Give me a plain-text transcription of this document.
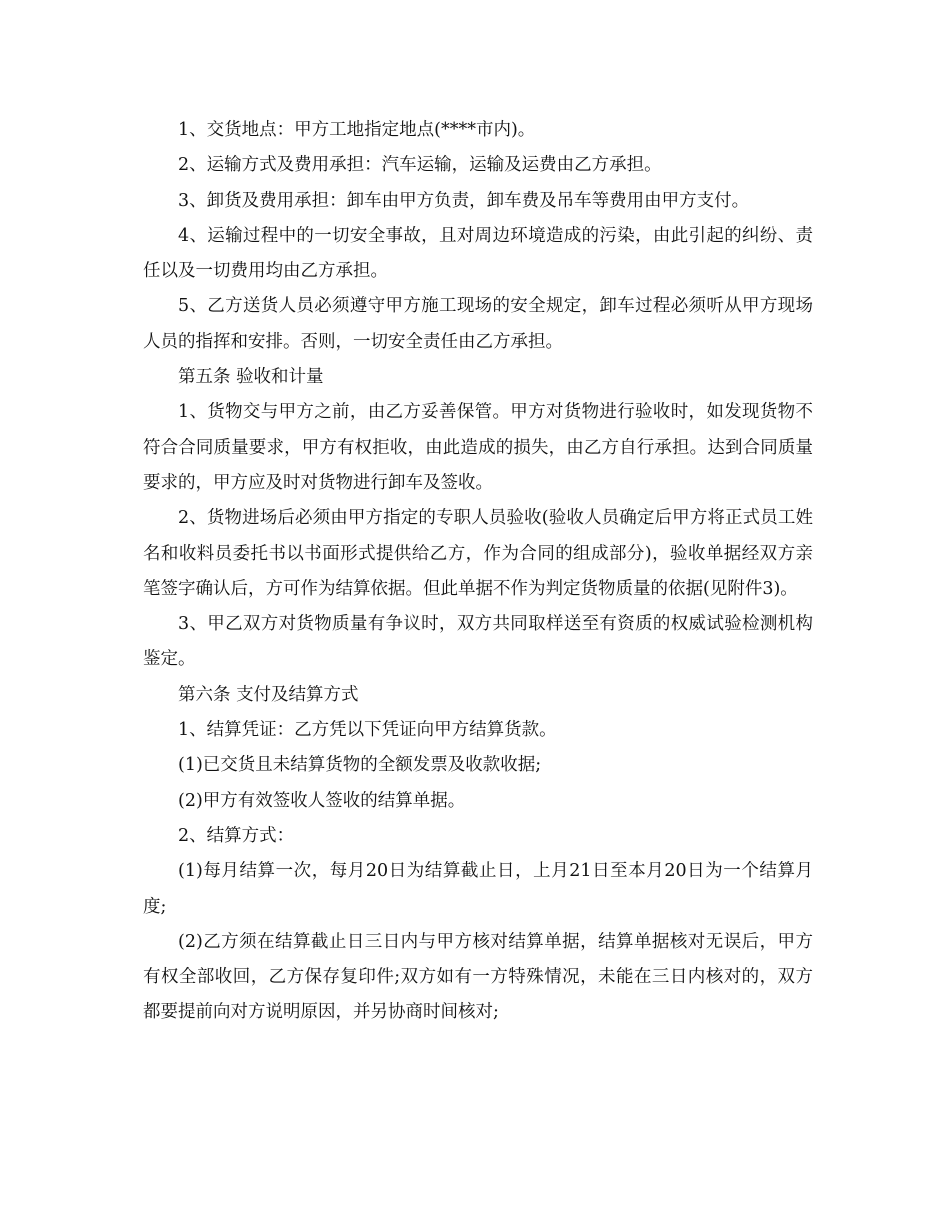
1、交货地点：甲方工地指定地点(****市内)。

2、运输方式及费用承担：汽车运输，运输及运费由乙方承担。

3、卸货及费用承担：卸车由甲方负责，卸车费及吊车等费用由甲方支付。

4、运输过程中的一切安全事故，且对周边环境造成的污染，由此引起的纠纷、责任以及一切费用均由乙方承担。

5、乙方送货人员必须遵守甲方施工现场的安全规定，卸车过程必须听从甲方现场人员的指挥和安排。否则，一切安全责任由乙方承担。

第五条 验收和计量

1、货物交与甲方之前，由乙方妥善保管。甲方对货物进行验收时，如发现货物不符合合同质量要求，甲方有权拒收，由此造成的损失，由乙方自行承担。达到合同质量要求的，甲方应及时对货物进行卸车及签收。

2、货物进场后必须由甲方指定的专职人员验收(验收人员确定后甲方将正式员工姓名和收料员委托书以书面形式提供给乙方，作为合同的组成部分)，验收单据经双方亲笔签字确认后，方可作为结算依据。但此单据不作为判定货物质量的依据(见附件3)。

3、甲乙双方对货物质量有争议时，双方共同取样送至有资质的权威试验检测机构鉴定。

第六条 支付及结算方式

1、结算凭证：乙方凭以下凭证向甲方结算货款。

(1)已交货且未结算货物的全额发票及收款收据;

(2)甲方有效签收人签收的结算单据。

2、结算方式：

(1)每月结算一次，每月20日为结算截止日，上月21日至本月20日为一个结算月度;

(2)乙方须在结算截止日三日内与甲方核对结算单据，结算单据核对无误后，甲方有权全部收回，乙方保存复印件;双方如有一方特殊情况，未能在三日内核对的，双方都要提前向对方说明原因，并另协商时间核对;
